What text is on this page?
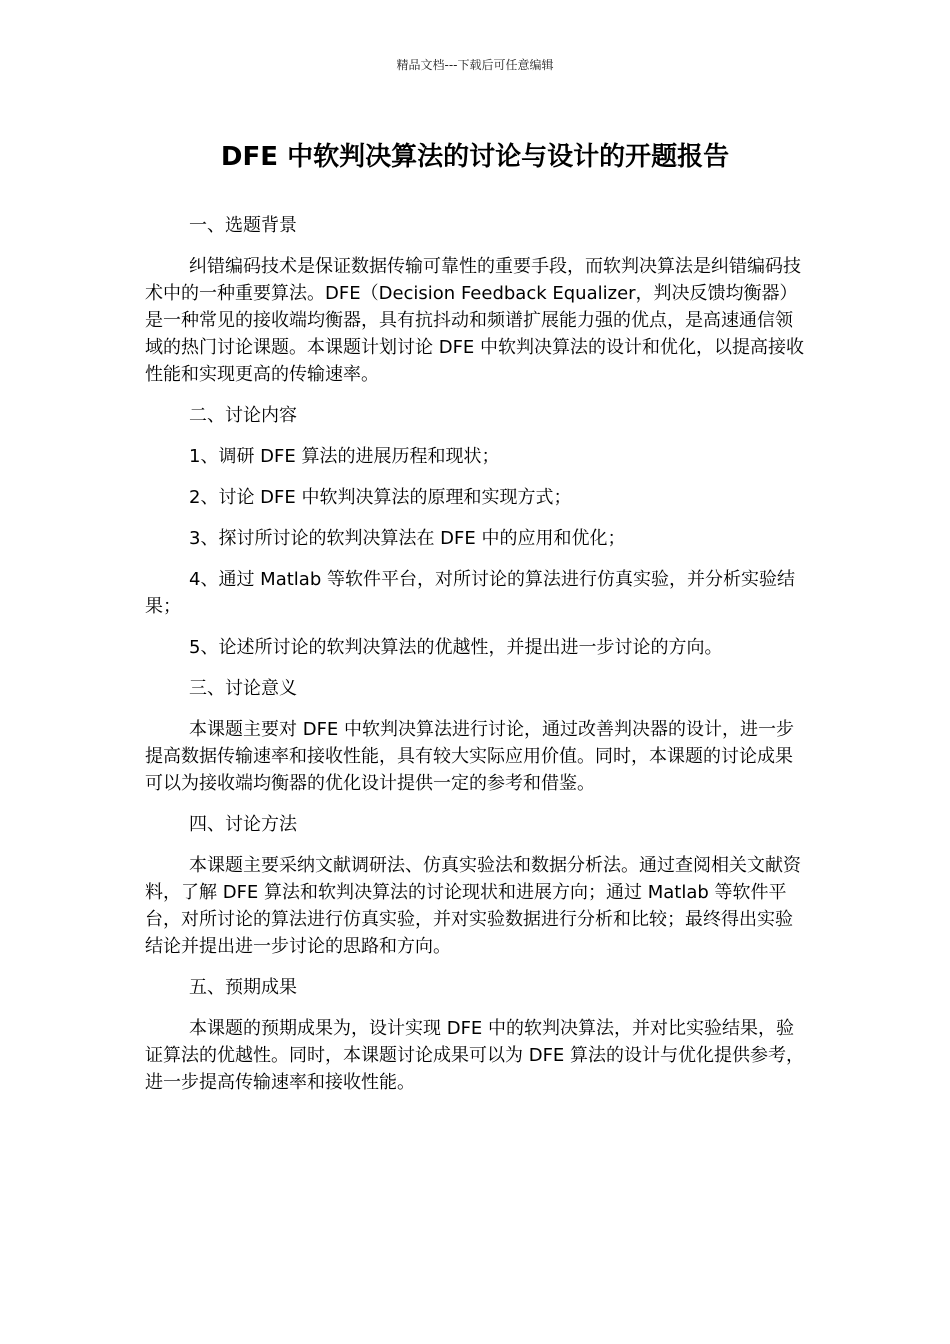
精品文档---下载后可任意编辑
DFE 中软判决算法的讨论与设计的开题报告

一、选题背景

纠错编码技术是保证数据传输可靠性的重要手段，而软判决算法是纠错编码技术中的一种重要算法。DFE（Decision Feedback Equalizer，判决反馈均衡器）是一种常见的接收端均衡器，具有抗抖动和频谱扩展能力强的优点，是高速通信领域的热门讨论课题。本课题计划讨论 DFE 中软判决算法的设计和优化，以提高接收性能和实现更高的传输速率。

二、讨论内容

1、调研 DFE 算法的进展历程和现状；

2、讨论 DFE 中软判决算法的原理和实现方式；

3、探讨所讨论的软判决算法在 DFE 中的应用和优化；

4、通过 Matlab 等软件平台，对所讨论的算法进行仿真实验，并分析实验结果；

5、论述所讨论的软判决算法的优越性，并提出进一步讨论的方向。

三、讨论意义

本课题主要对 DFE 中软判决算法进行讨论，通过改善判决器的设计，进一步提高数据传输速率和接收性能，具有较大实际应用价值。同时，本课题的讨论成果可以为接收端均衡器的优化设计提供一定的参考和借鉴。

四、讨论方法

本课题主要采纳文献调研法、仿真实验法和数据分析法。通过查阅相关文献资料，了解 DFE 算法和软判决算法的讨论现状和进展方向；通过 Matlab 等软件平台，对所讨论的算法进行仿真实验，并对实验数据进行分析和比较；最终得出实验结论并提出进一步讨论的思路和方向。

五、预期成果

本课题的预期成果为，设计实现 DFE 中的软判决算法，并对比实验结果，验证算法的优越性。同时，本课题讨论成果可以为 DFE 算法的设计与优化提供参考，进一步提高传输速率和接收性能。
